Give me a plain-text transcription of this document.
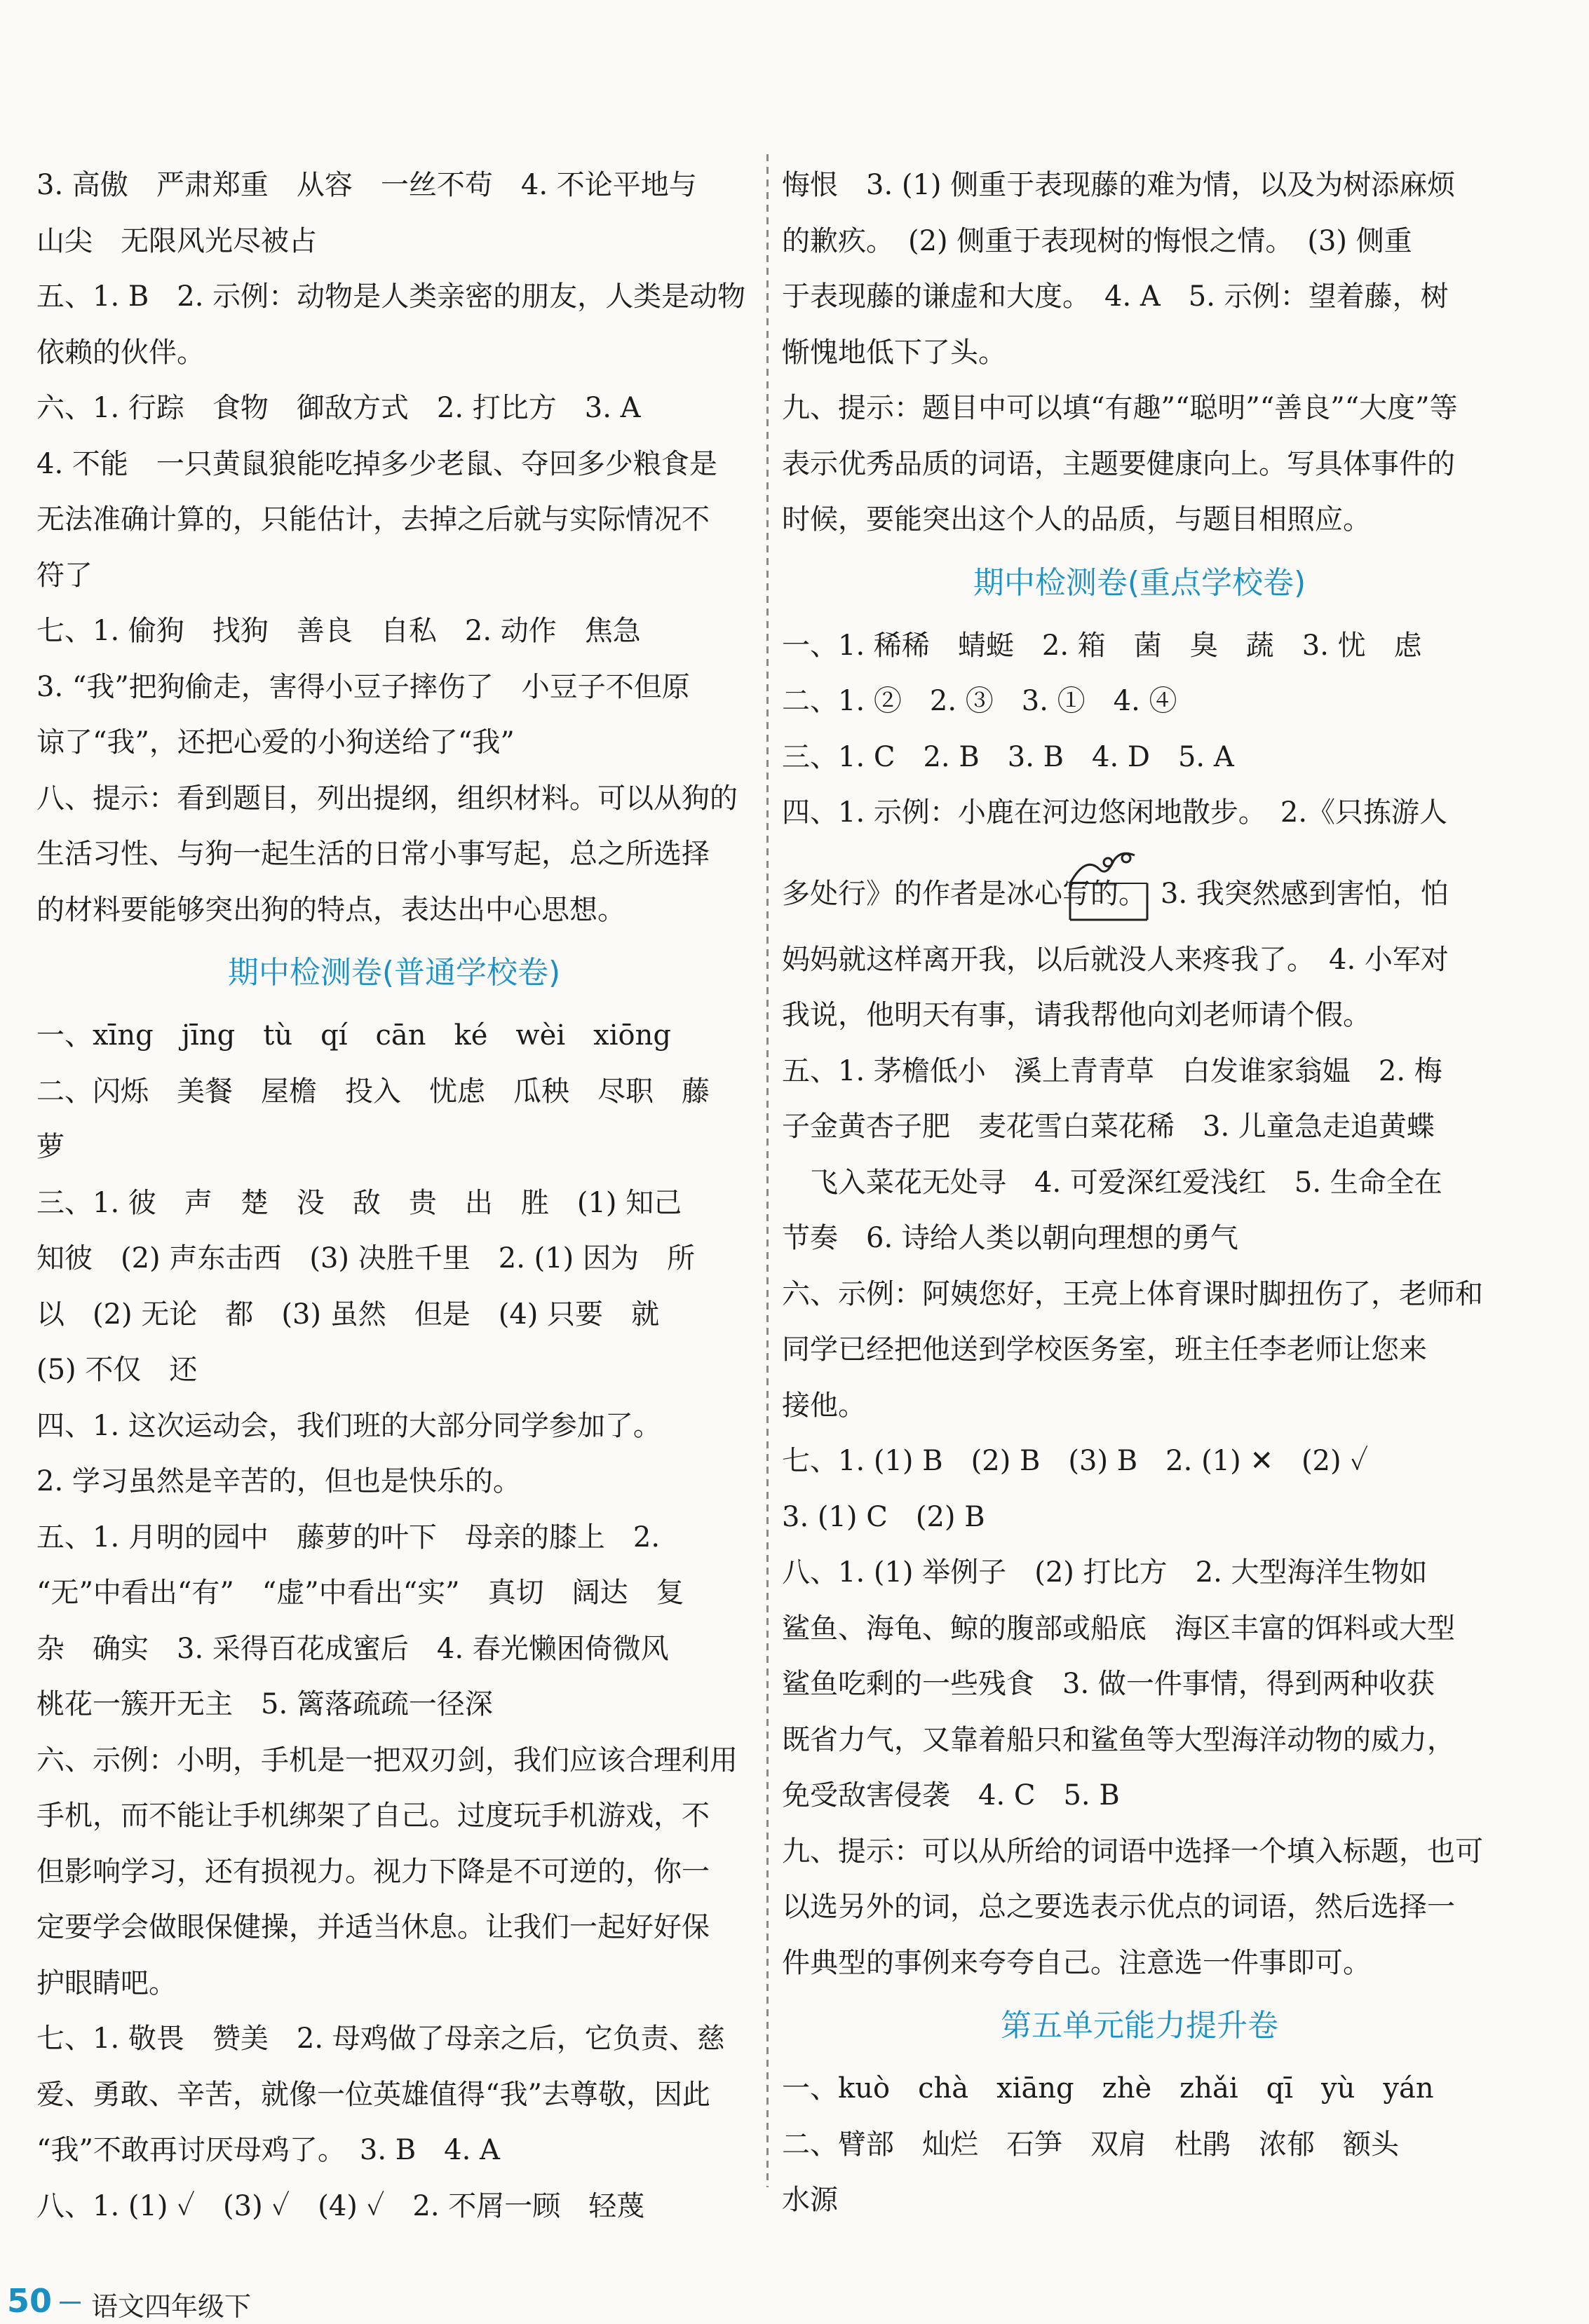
3. 高傲　严肃郑重　从容　一丝不苟　4. 不论平地与
山尖　无限风光尽被占
五、1. B　2. 示例：动物是人类亲密的朋友，人类是动物
依赖的伙伴。
六、1. 行踪　食物　御敌方式　2. 打比方　3. A
4. 不能　一只黄鼠狼能吃掉多少老鼠、夺回多少粮食是
无法准确计算的，只能估计，去掉之后就与实际情况不
符了
七、1. 偷狗　找狗　善良　自私　2. 动作　焦急
3. “我”把狗偷走，害得小豆子摔伤了　小豆子不但原
谅了“我”，还把心爱的小狗送给了“我”
八、提示：看到题目，列出提纲，组织材料。可以从狗的
生活习性、与狗一起生活的日常小事写起，总之所选择
的材料要能够突出狗的特点，表达出中心思想。
期中检测卷(普通学校卷)
一、xīng　jīng　tù　qí　cān　ké　wèi　xiōng
二、闪烁　美餐　屋檐　投入　忧虑　瓜秧　尽职　藤
萝
三、1. 彼　声　楚　没　敌　贵　出　胜　(1) 知己
知彼　(2) 声东击西　(3) 决胜千里　2. (1) 因为　所
以　(2) 无论　都　(3) 虽然　但是　(4) 只要　就
(5) 不仅　还
四、1. 这次运动会，我们班的大部分同学参加了。
2. 学习虽然是辛苦的，但也是快乐的。
五、1. 月明的园中　藤萝的叶下　母亲的膝上　2.
“无”中看出“有”　“虚”中看出“实”　真切　阔达　复
杂　确实　3. 采得百花成蜜后　4. 春光懒困倚微风
桃花一簇开无主　5. 篱落疏疏一径深
六、示例：小明，手机是一把双刃剑，我们应该合理利用
手机，而不能让手机绑架了自己。过度玩手机游戏，不
但影响学习，还有损视力。视力下降是不可逆的，你一
定要学会做眼保健操，并适当休息。让我们一起好好保
护眼睛吧。
七、1. 敬畏　赞美　2. 母鸡做了母亲之后，它负责、慈
爱、勇敢、辛苦，就像一位英雄值得“我”去尊敬，因此
“我”不敢再讨厌母鸡了。　3. B　4. A
八、1. (1) ✓　(3) ✓　(4) ✓　2. 不屑一顾　轻蔑
悔恨　3. (1) 侧重于表现藤的难为情，以及为树添麻烦
的歉疚。　(2) 侧重于表现树的悔恨之情。　(3) 侧重
于表现藤的谦虚和大度。　4. A　5. 示例：望着藤，树
惭愧地低下了头。
九、提示：题目中可以填“有趣”“聪明”“善良”“大度”等
表示优秀品质的词语，主题要健康向上。写具体事件的
时候，要能突出这个人的品质，与题目相照应。
期中检测卷(重点学校卷)
一、1. 稀稀　蜻蜓　2. 箱　菌　臭　蔬　3. 忧　虑
二、1. ②　2. ③　3. ①　4. ④
三、1. C　2. B　3. B　4. D　5. A
四、1. 示例：小鹿在河边悠闲地散步。　2.《只拣游人
多处行》的作者是冰心写的。　3. 我突然感到害怕，怕
妈妈就这样离开我，以后就没人来疼我了。　4. 小军对
我说，他明天有事，请我帮他向刘老师请个假。
五、1. 茅檐低小　溪上青青草　白发谁家翁媪　2. 梅
子金黄杏子肥　麦花雪白菜花稀　3. 儿童急走追黄蝶
　飞入菜花无处寻　4. 可爱深红爱浅红　5. 生命全在
节奏　6. 诗给人类以朝向理想的勇气
六、示例：阿姨您好，王亮上体育课时脚扭伤了，老师和
同学已经把他送到学校医务室，班主任李老师让您来
接他。
七、1. (1) B　(2) B　(3) B　2. (1) ✕　(2) ✓
3. (1) C　(2) B
八、1. (1) 举例子　(2) 打比方　2. 大型海洋生物如
鲨鱼、海龟、鲸的腹部或船底　海区丰富的饵料或大型
鲨鱼吃剩的一些残食　3. 做一件事情，得到两种收获
既省力气，又靠着船只和鲨鱼等大型海洋动物的威力，
免受敌害侵袭　4. C　5. B
九、提示：可以从所给的词语中选择一个填入标题，也可
以选另外的词，总之要选表示优点的词语，然后选择一
件典型的事例来夸夸自己。注意选一件事即可。
第五单元能力提升卷
一、kuò　chà　xiāng　zhè　zhǎi　qī　yù　yán
二、臂部　灿烂　石笋　双肩　杜鹃　浓郁　额头
水源
50 语文四年级下
